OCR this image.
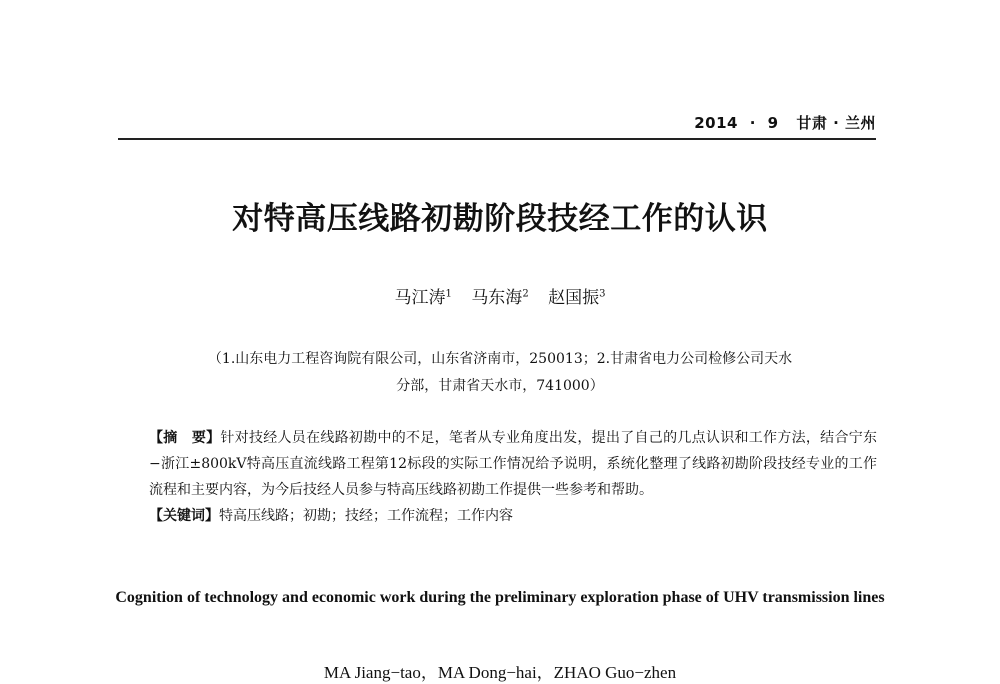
2014 · 9 甘肃 · 兰州
对特高压线路初勘阶段技经工作的认识
马江涛$^1$ 马东海$^2$ 赵国振$^3$
（1.山东电力工程咨询院有限公司，山东省济南市，250013；2.甘肃省电力公司检修公司天水
分部，甘肃省天水市，741000）

【摘　要】针对技经人员在线路初勘中的不足，笔者从专业角度出发，提出了自己的几点认识和工作方法，结合宁东−浙江±800kV特高压直流线路工程第12标段的实际工作情况给予说明，系统化整理了线路初勘阶段技经专业的工作流程和主要内容，为今后技经人员参与特高压线路初勘工作提供一些参考和帮助。

【关键词】特高压线路；初勘；技经；工作流程；工作内容

Cognition of technology and economic work during the preliminary exploration phase of UHV transmission lines
MA Jiang−tao，MA Dong−hai，ZHAO Guo−zhen
